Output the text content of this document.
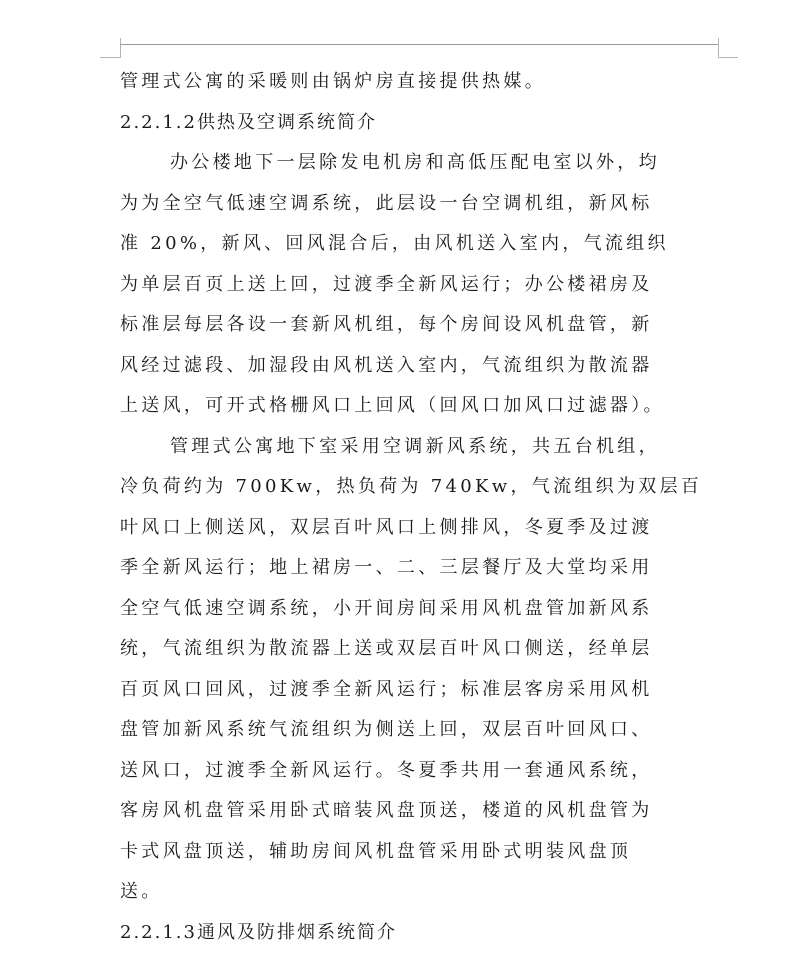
管理式公寓的采暖则由锅炉房直接提供热媒。
2.2.1.2供热及空调系统简介
办公楼地下一层除发电机房和高低压配电室以外，均
为为全空气低速空调系统，此层设一台空调机组，新风标
准 20%，新风、回风混合后，由风机送入室内，气流组织
为单层百页上送上回，过渡季全新风运行；办公楼裙房及
标准层每层各设一套新风机组，每个房间设风机盘管，新
风经过滤段、加湿段由风机送入室内，气流组织为散流器
上送风，可开式格栅风口上回风（回风口加风口过滤器）。
管理式公寓地下室采用空调新风系统，共五台机组，
冷负荷约为 700Kw，热负荷为 740Kw，气流组织为双层百
叶风口上侧送风，双层百叶风口上侧排风，冬夏季及过渡
季全新风运行；地上裙房一、二、三层餐厅及大堂均采用
全空气低速空调系统，小开间房间采用风机盘管加新风系
统，气流组织为散流器上送或双层百叶风口侧送，经单层
百页风口回风，过渡季全新风运行；标准层客房采用风机
盘管加新风系统气流组织为侧送上回，双层百叶回风口、
送风口，过渡季全新风运行。冬夏季共用一套通风系统，
客房风机盘管采用卧式暗装风盘顶送，楼道的风机盘管为
卡式风盘顶送，辅助房间风机盘管采用卧式明装风盘顶
送。
2.2.1.3通风及防排烟系统简介
